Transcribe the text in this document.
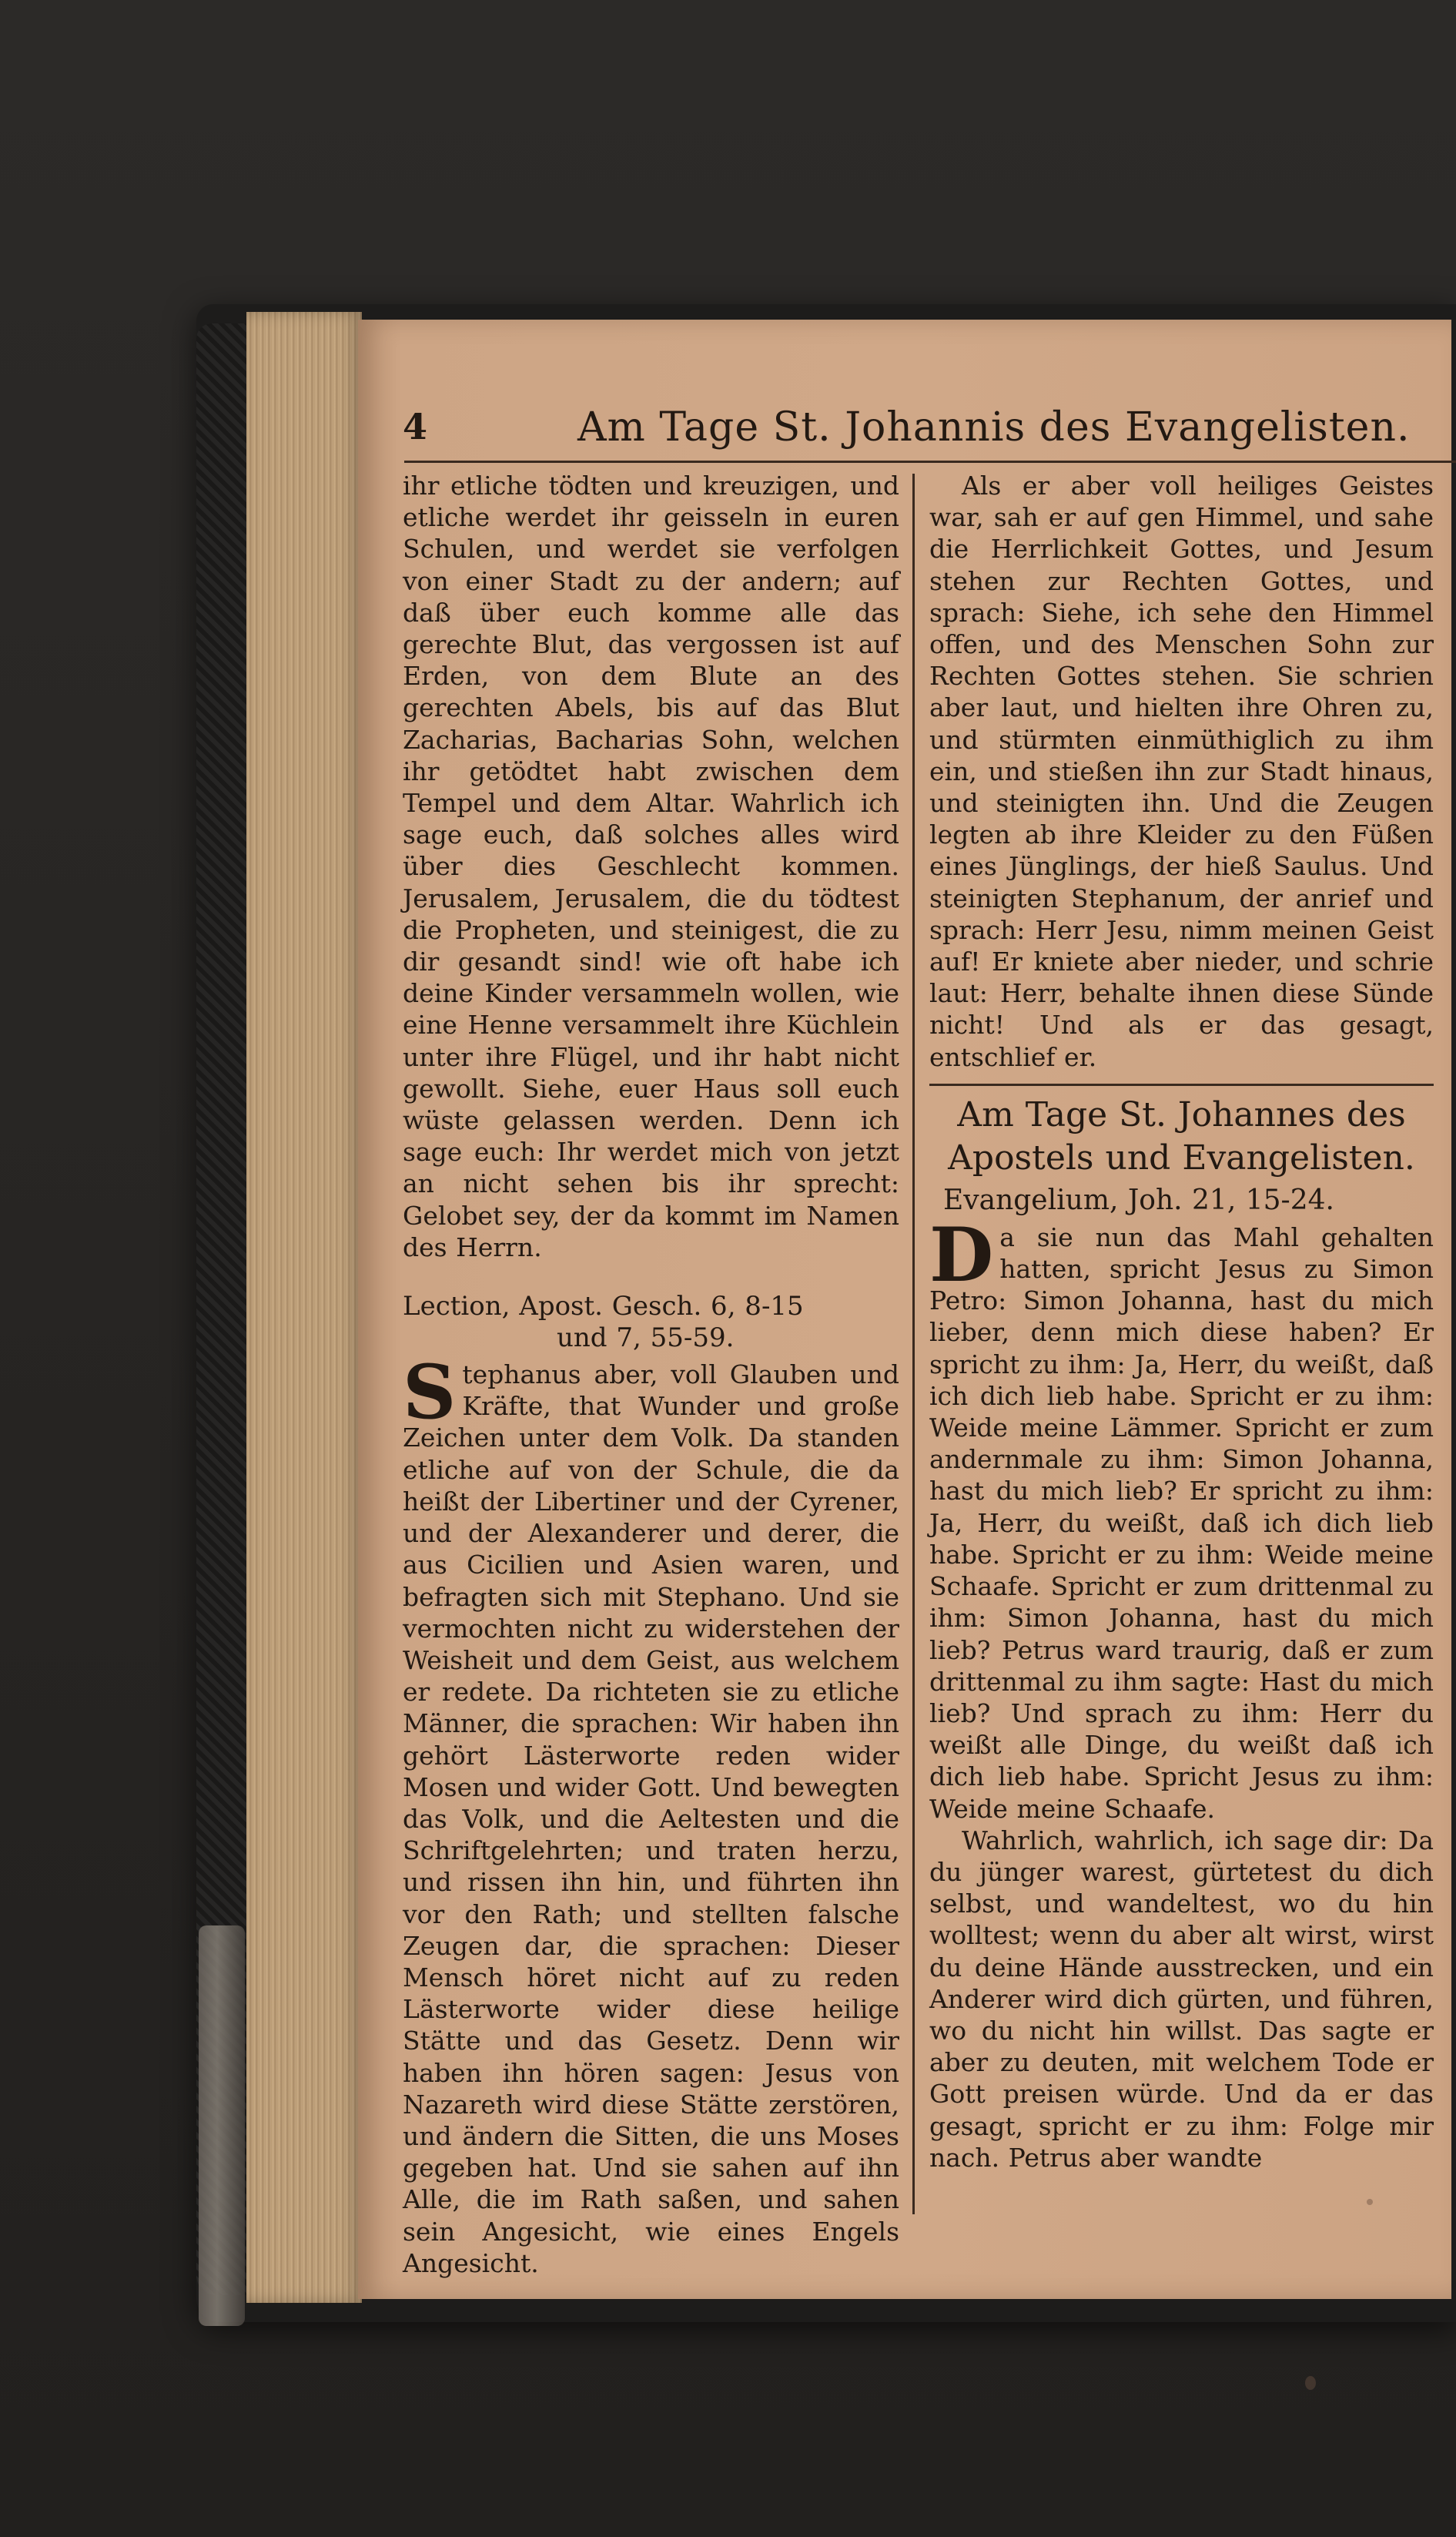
4	Am Tage St. Johannis des Evangelisten.

ihr etliche tödten und kreuzigen, und etliche werdet ihr geisseln in euren Schulen, und werdet sie verfolgen von einer Stadt zu der andern; auf daß über euch komme alle das gerechte Blut, das vergossen ist auf Erden, von dem Blute an des gerechten Abels, bis auf das Blut Zacharias, Bacharias Sohn, welchen ihr getödtet habt zwischen dem Tempel und dem Altar. Wahrlich ich sage euch, daß solches alles wird über dies Geschlecht kommen. Jerusalem, Jerusalem, die du tödtest die Propheten, und steinigest, die zu dir gesandt sind! wie oft habe ich deine Kinder versammeln wollen, wie eine Henne versammelt ihre Küchlein unter ihre Flügel, und ihr habt nicht gewollt. Siehe, euer Haus soll euch wüste gelassen werden. Denn ich sage euch: Ihr werdet mich von jetzt an nicht sehen bis ihr sprecht: Gelobet sey, der da kommt im Namen des Herrn.

Lection, Apost. Gesch. 6, 8-15
und 7, 55-59.

Stephanus aber, voll Glauben und Kräfte, that Wunder und große Zeichen unter dem Volk. Da standen etliche auf von der Schule, die da heißt der Libertiner und der Cyrener, und der Alexanderer und derer, die aus Cicilien und Asien waren, und befragten sich mit Stephano. Und sie vermochten nicht zu widerstehen der Weisheit und dem Geist, aus welchem er redete. Da richteten sie zu etliche Männer, die sprachen: Wir haben ihn gehört Lästerworte reden wider Mosen und wider Gott. Und bewegten das Volk, und die Aeltesten und die Schriftgelehrten; und traten herzu, und rissen ihn hin, und führten ihn vor den Rath; und stellten falsche Zeugen dar, die sprachen: Dieser Mensch höret nicht auf zu reden Lästerworte wider diese heilige Stätte und das Gesetz. Denn wir haben ihn hören sagen: Jesus von Nazareth wird diese Stätte zerstören, und ändern die Sitten, die uns Moses gegeben hat. Und sie sahen auf ihn Alle, die im Rath saßen, und sahen sein Angesicht, wie eines Engels Angesicht.

Als er aber voll heiliges Geistes war, sah er auf gen Himmel, und sahe die Herrlichkeit Gottes, und Jesum stehen zur Rechten Gottes, und sprach: Siehe, ich sehe den Himmel offen, und des Menschen Sohn zur Rechten Gottes stehen. Sie schrien aber laut, und hielten ihre Ohren zu, und stürmten einmüthiglich zu ihm ein, und stießen ihn zur Stadt hinaus, und steinigten ihn. Und die Zeugen legten ab ihre Kleider zu den Füßen eines Jünglings, der hieß Saulus. Und steinigten Stephanum, der anrief und sprach: Herr Jesu, nimm meinen Geist auf! Er kniete aber nieder, und schrie laut: Herr, behalte ihnen diese Sünde nicht! Und als er das gesagt, entschlief er.

Am Tage St. Johannes des

Apostels und Evangelisten.

Evangelium, Joh. 21, 15-24.

Da sie nun das Mahl gehalten hatten, spricht Jesus zu Simon Petro: Simon Johanna, hast du mich lieber, denn mich diese haben? Er spricht zu ihm: Ja, Herr, du weißt, daß ich dich lieb habe. Spricht er zu ihm: Weide meine Lämmer. Spricht er zum andernmale zu ihm: Simon Johanna, hast du mich lieb? Er spricht zu ihm: Ja, Herr, du weißt, daß ich dich lieb habe. Spricht er zu ihm: Weide meine Schaafe. Spricht er zum drittenmal zu ihm: Simon Johanna, hast du mich lieb? Petrus ward traurig, daß er zum drittenmal zu ihm sagte: Hast du mich lieb? Und sprach zu ihm: Herr du weißt alle Dinge, du weißt daß ich dich lieb habe. Spricht Jesus zu ihm: Weide meine Schaafe.

Wahrlich, wahrlich, ich sage dir: Da du jünger warest, gürtetest du dich selbst, und wandeltest, wo du hin wolltest; wenn du aber alt wirst, wirst du deine Hände ausstrecken, und ein Anderer wird dich gürten, und führen, wo du nicht hin willst. Das sagte er aber zu deuten, mit welchem Tode er Gott preisen würde. Und da er das gesagt, spricht er zu ihm: Folge mir nach. Petrus aber wandte
